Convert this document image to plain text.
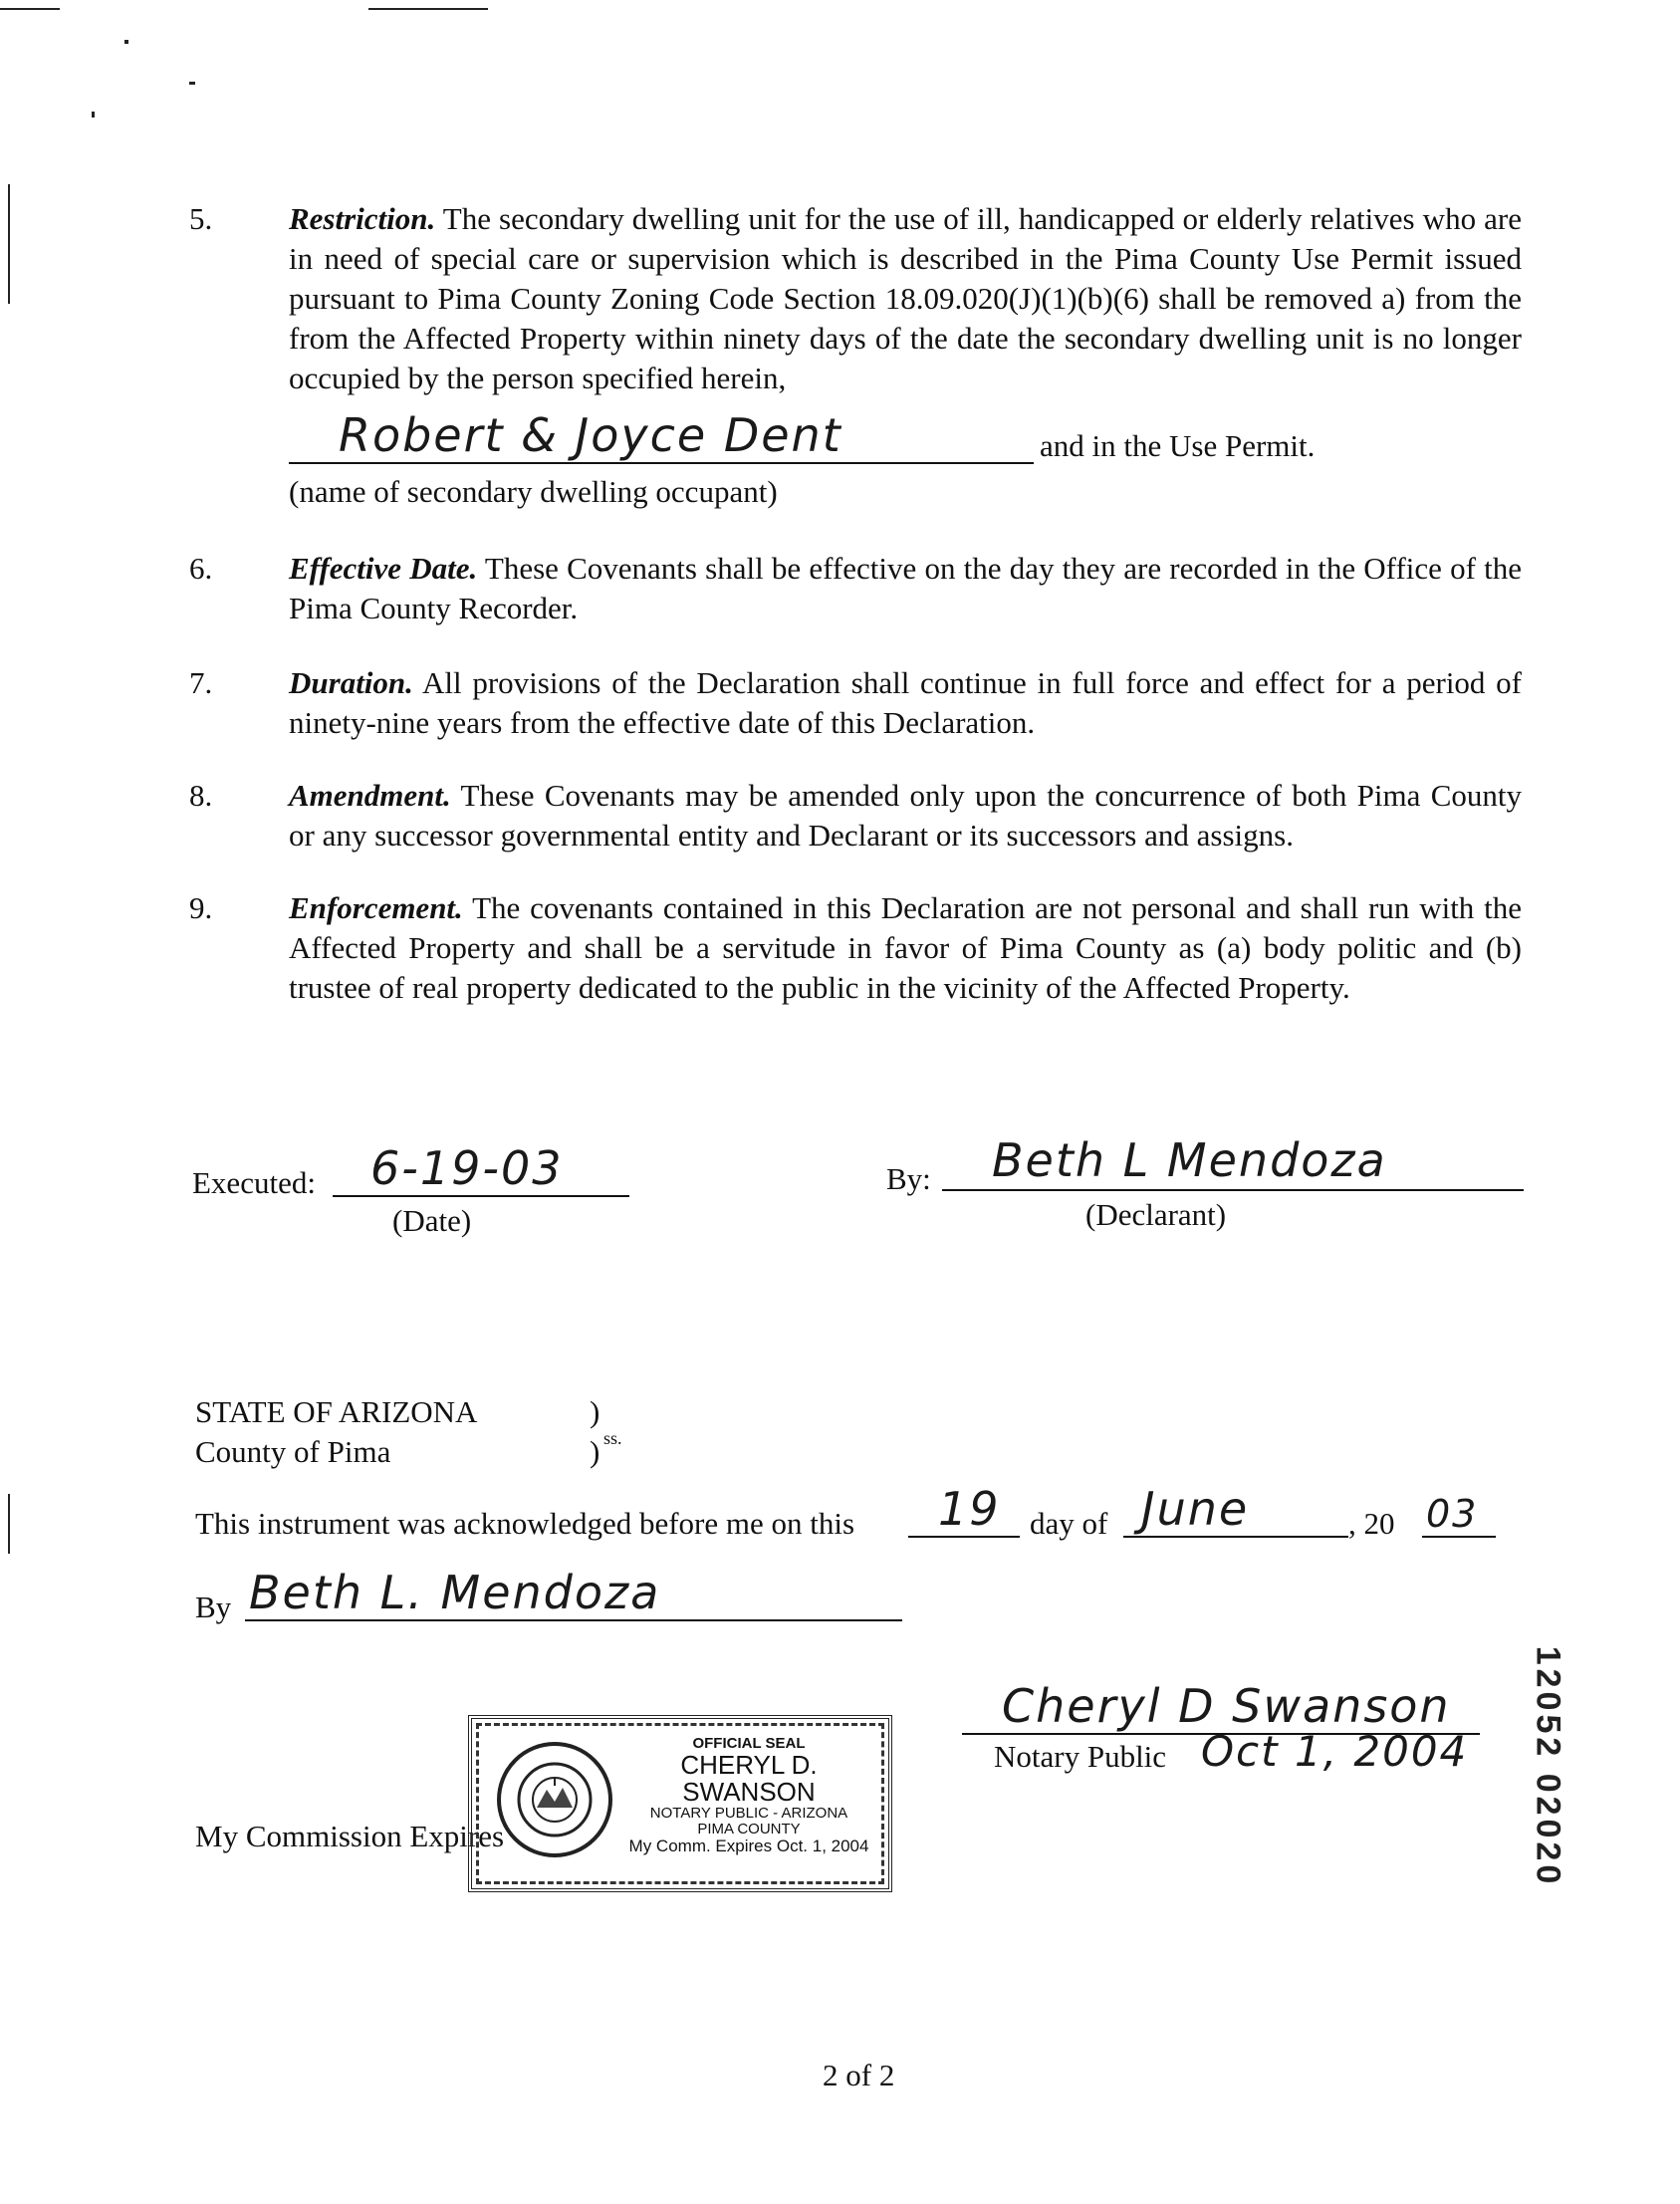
5.	Restriction. The secondary dwelling unit for the use of ill, handicapped or elderly relatives who are in need of special care or supervision which is described in the Pima County Use Permit issued pursuant to Pima County Zoning Code Section 18.09.020(J)(1)(b)(6) shall be removed a) from the from the Affected Property within ninety days of the date the secondary dwelling unit is no longer occupied by the person specified herein,
Robert & Joyce Dent	and in the Use Permit.
(name of secondary dwelling occupant)
6.	Effective Date. These Covenants shall be effective on the day they are recorded in the Office of the Pima County Recorder.
7.	Duration. All provisions of the Declaration shall continue in full force and effect for a period of ninety-nine years from the effective date of this Declaration.
8.	Amendment. These Covenants may be amended only upon the concurrence of both Pima County or any successor governmental entity and Declarant or its successors and assigns.
9.	Enforcement. The covenants contained in this Declaration are not personal and shall run with the Affected Property and shall be a servitude in favor of Pima County as (a) body politic and (b) trustee of real property dedicated to the public in the vicinity of the Affected Property.
Executed: 6-19-03
(Date)
By: Beth L Mendoza
(Declarant)
STATE OF ARIZONA	)
County of Pima	) ss.
This instrument was acknowledged before me on this 19 day of June	, 20 03
By Beth L. Mendoza
Cheryl D Swanson
Notary Public Oct 1, 2004
My Commission Expires
OFFICIAL SEAL
CHERYL D. SWANSON
NOTARY PUBLIC - ARIZONA
PIMA COUNTY
My Comm. Expires Oct. 1, 2004	12052 02020
2 of 2
